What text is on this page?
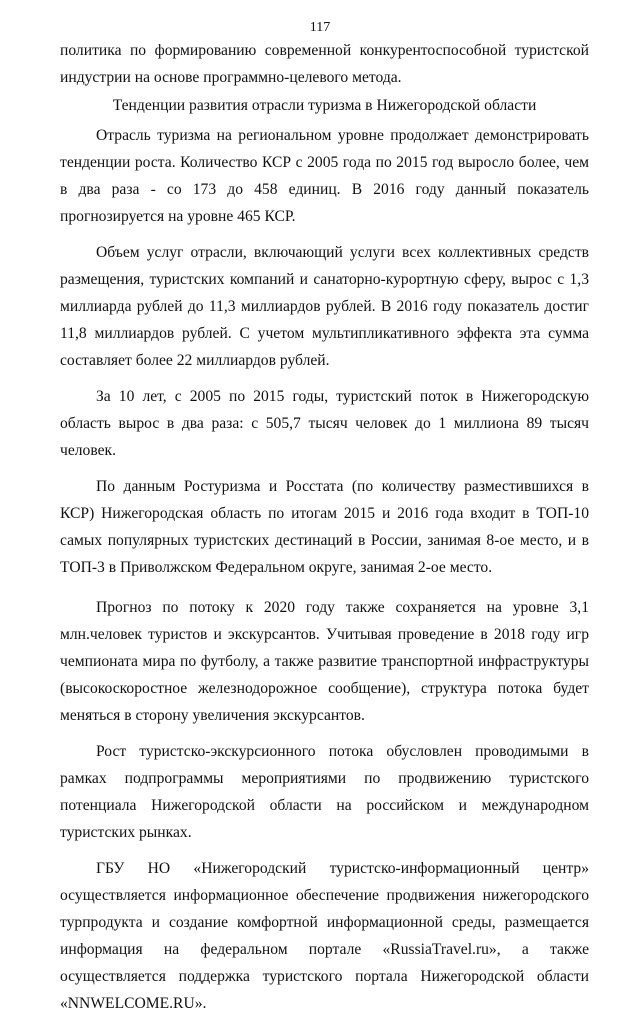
117

политика по формированию современной конкурентоспособной туристской индустрии на основе программно-целевого метода.

Тенденции развития отрасли туризма в Нижегородской области

Отрасль туризма на региональном уровне продолжает демонстрировать тенденции роста. Количество КСР с 2005 года по 2015 год выросло более, чем в два раза - со 173 до 458 единиц. В 2016 году данный показатель прогнозируется на уровне 465 КСР.

Объем услуг отрасли, включающий услуги всех коллективных средств размещения, туристских компаний и санаторно-курортную сферу, вырос с 1,3 миллиарда рублей до 11,3 миллиардов рублей. В 2016 году показатель достиг 11,8 миллиардов рублей. С учетом мультипликативного эффекта эта сумма составляет более 22 миллиардов рублей.

За 10 лет, с 2005 по 2015 годы, туристский поток в Нижегородскую область вырос в два раза: с 505,7 тысяч человек до 1 миллиона 89 тысяч человек.

По данным Ростуризма и Росстата (по количеству разместившихся в КСР) Нижегородская область по итогам 2015 и 2016 года входит в ТОП-10 самых популярных туристских дестинаций в России, занимая 8-ое место, и в ТОП-3 в Приволжском Федеральном округе, занимая 2-ое место.

Прогноз по потоку к 2020 году также сохраняется на уровне 3,1 млн.человек туристов и экскурсантов. Учитывая проведение в 2018 году игр чемпионата мира по футболу, а также развитие транспортной инфраструктуры (высокоскоростное железнодорожное сообщение), структура потока будет меняться в сторону увеличения экскурсантов.

Рост туристско-экскурсионного потока обусловлен проводимыми в рамках подпрограммы мероприятиями по продвижению туристского потенциала Нижегородской области на российском и международном туристских рынках.

ГБУ НО «Нижегородский туристско-информационный центр» осуществляется информационное обеспечение продвижения нижегородского турпродукта и создание комфортной информационной среды, размещается информация на федеральном портале «RussiaTravel.ru», а также осуществляется поддержка туристского портала Нижегородской области «NNWELCOME.RU».
